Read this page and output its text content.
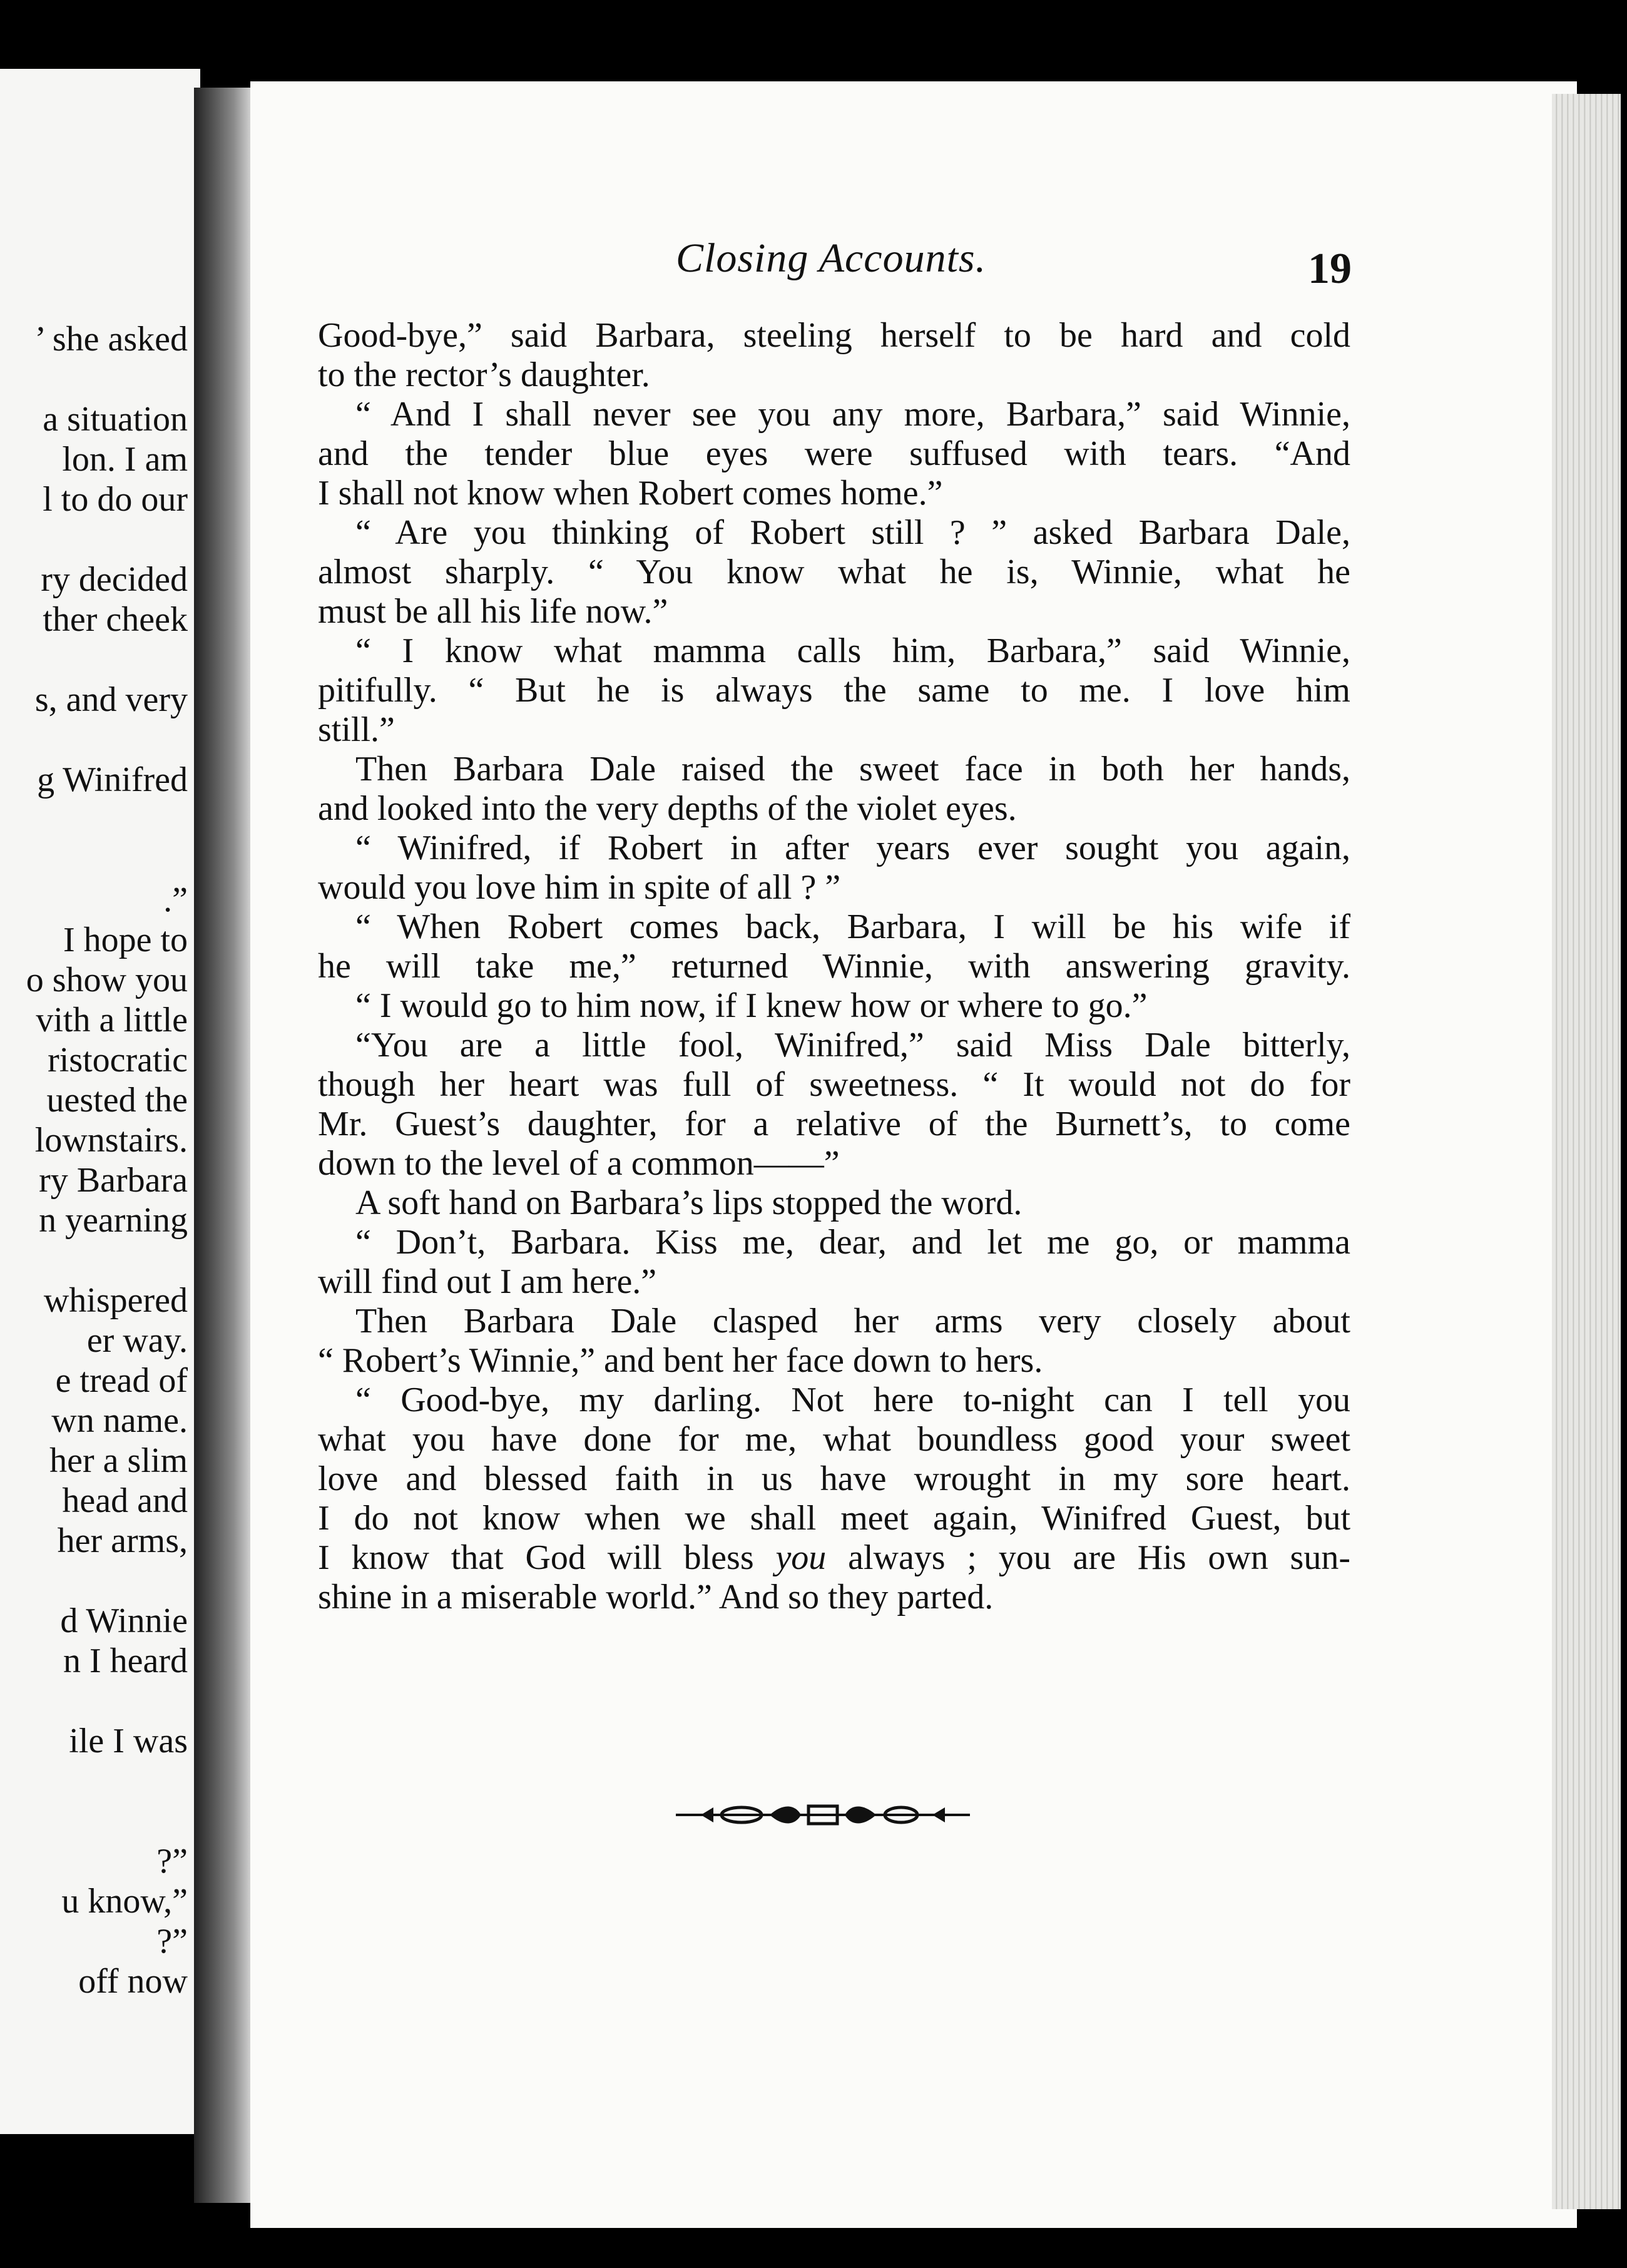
’ she asked
a situation
lon. I am
l to do our
ry decided
ther cheek
s, and very
g Winifred
.”
I hope to
o show you
vith a little
ristocratic
uested the
lownstairs.
ry Barbara
n yearning
whispered
er way.
e tread of
wn name.
her a slim
head and
her arms,
d Winnie
n I heard
ile I was
?”
u know,”
?”
off now
Closing Accounts.	19
Good-bye,” said Barbara, steeling herself to be hard and cold
to the rector’s daughter.
“ And I shall never see you any more, Barbara,” said Winnie,
and the tender blue eyes were suffused with tears. “And
I shall not know when Robert comes home.”
“ Are you thinking of Robert still ? ” asked Barbara Dale,
almost sharply. “ You know what he is, Winnie, what he
must be all his life now.”
“ I know what mamma calls him, Barbara,” said Winnie,
pitifully. “ But he is always the same to me. I love him
still.”
Then Barbara Dale raised the sweet face in both her hands,
and looked into the very depths of the violet eyes.
“ Winifred, if Robert in after years ever sought you again,
would you love him in spite of all ? ”
“ When Robert comes back, Barbara, I will be his wife if
he will take me,” returned Winnie, with answering gravity.
“ I would go to him now, if I knew how or where to go.”
“You are a little fool, Winifred,” said Miss Dale bitterly,
though her heart was full of sweetness. “ It would not do for
Mr. Guest’s daughter, for a relative of the Burnett’s, to come
down to the level of a common——”
A soft hand on Barbara’s lips stopped the word.
“ Don’t, Barbara. Kiss me, dear, and let me go, or mamma
will find out I am here.”
Then Barbara Dale clasped her arms very closely about
“ Robert’s Winnie,” and bent her face down to hers.
“ Good-bye, my darling. Not here to-night can I tell you
what you have done for me, what boundless good your sweet
love and blessed faith in us have wrought in my sore heart.
I do not know when we shall meet again, Winifred Guest, but
I know that God will bless you always ; you are His own sun-
shine in a miserable world.” And so they parted.
